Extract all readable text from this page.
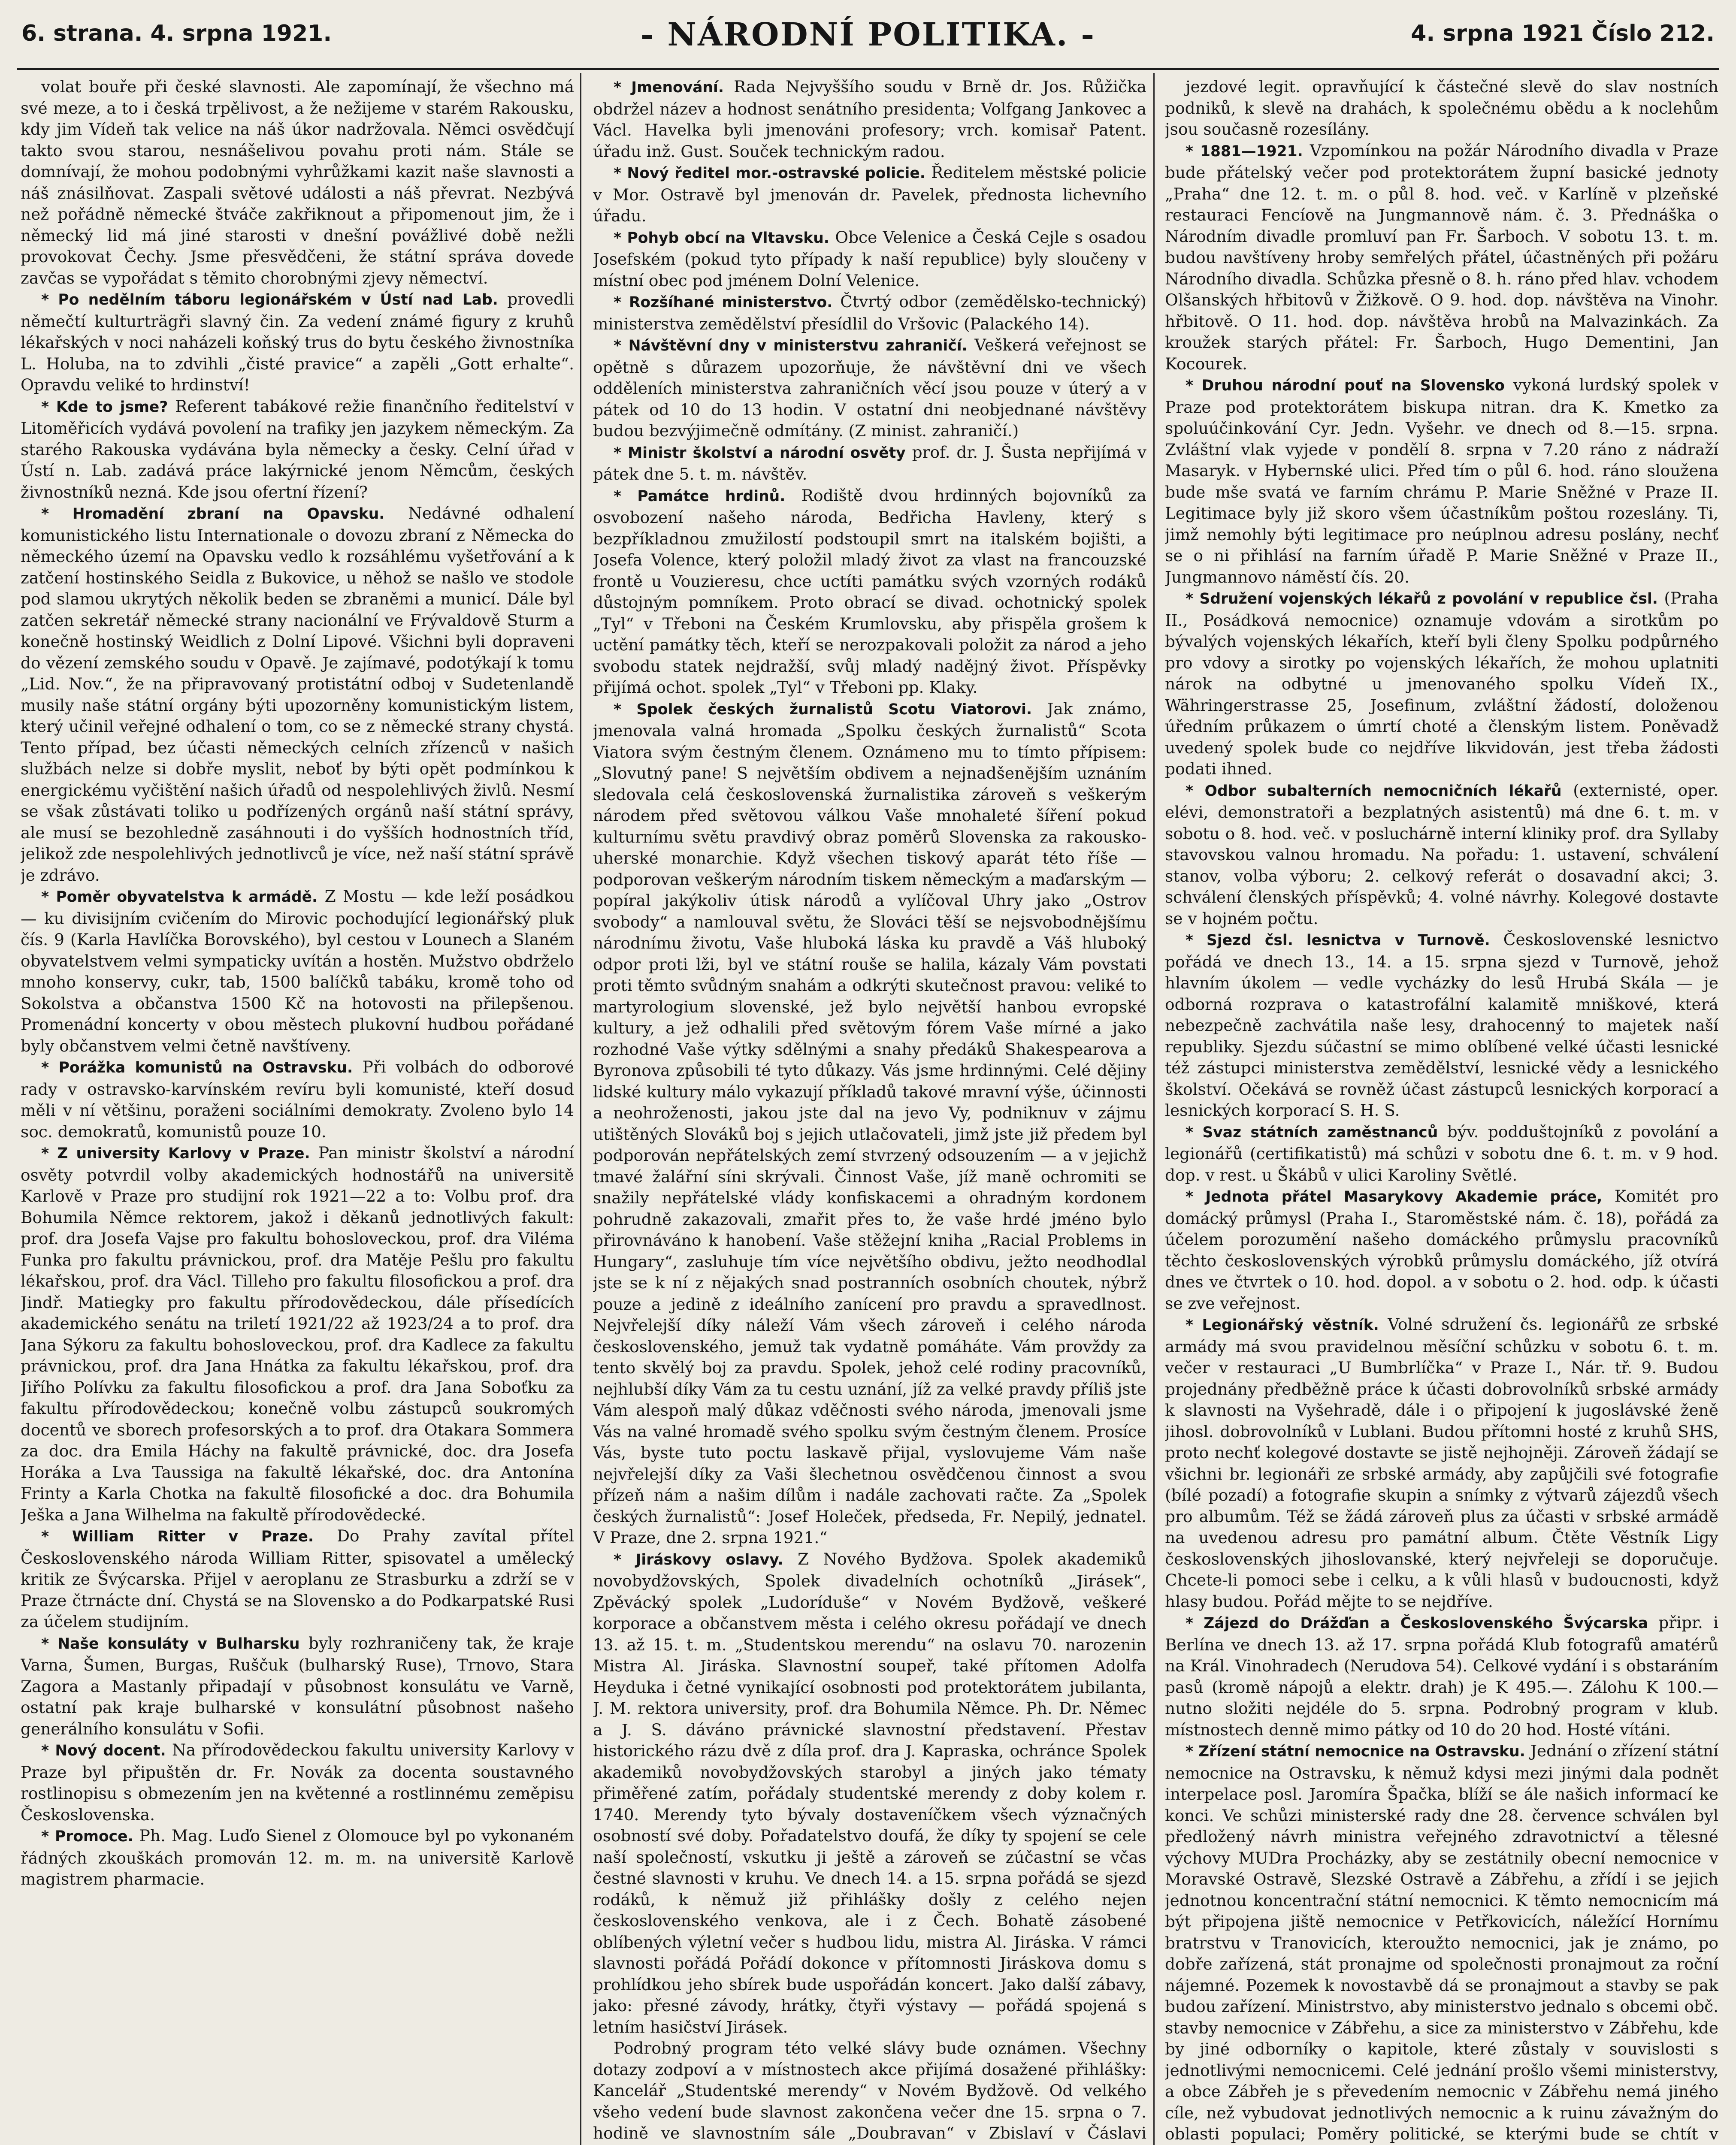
6. strana. 4. srpna 1921.	- NÁRODNÍ POLITIKA. -	4. srpna 1921 Číslo 212.

volat bouře při české slavnosti. Ale zapomínají, že všechno má své meze, a to i česká trpělivost, a že nežijeme v starém Rakousku, kdy jim Vídeň tak velice na náš úkor nadržovala. Němci osvědčují takto svou starou, nesnášelivou povahu proti nám. Stále se domnívají, že mohou podobnými vyhrůžkami kazit naše slavnosti a náš znásilňovat. Zaspali světové události a náš převrat. Nezbývá než pořádně německé štváče zakřiknout a připomenout jim, že i německý lid má jiné starosti v dnešní povážlivé době nežli provokovat Čechy. Jsme přesvědčeni, že státní správa dovede zavčas se vypořádat s těmito chorobnými zjevy němectví.

* Po nedělním táboru legionářském v Ústí nad Lab. provedli němečtí kulturträgři slavný čin. Za vedení známé figury z kruhů lékařských v noci naházeli koňský trus do bytu českého živnostníka L. Holuba, na to zdvihli „čisté pravice“ a zapěli „Gott erhalte“. Opravdu veliké to hrdinství!

* Kde to jsme? Referent tabákové režie finančního ředitelství v Litoměřicích vydává povolení na trafiky jen jazykem německým. Za starého Rakouska vydávána byla německy a česky. Celní úřad v Ústí n. Lab. zadává práce lakýrnické jenom Němcům, českých živnostníků nezná. Kde jsou ofertní řízení?

* Hromadění zbraní na Opavsku. Nedávné odhalení komunistického listu Internationale o dovozu zbraní z Německa do německého území na Opavsku vedlo k rozsáhlému vyšetřování a k zatčení hostinského Seidla z Bukovice, u něhož se našlo ve stodole pod slamou ukrytých několik beden se zbraněmi a municí. Dále byl zatčen sekretář německé strany nacionální ve Frývaldově Sturm a konečně hostinský Weidlich z Dolní Lipové. Všichni byli dopraveni do vězení zemského soudu v Opavě. Je zajímavé, podotýkají k tomu „Lid. Nov.“, že na připravovaný protistátní odboj v Sudetenlandě musily naše státní orgány býti upozorněny komunistickým listem, který učinil veřejné odhalení o tom, co se z německé strany chystá. Tento případ, bez účasti německých celních zřízenců v našich službách nelze si dobře myslit, neboť by býti opět podmínkou k energickému vyčištění našich úřadů od nespolehlivých živlů. Nesmí se však zůstávati toliko u podřízených orgánů naší státní správy, ale musí se bezohledně zasáhnouti i do vyšších hodnostních tříd, jelikož zde nespolehlivých jednotlivců je více, než naší státní správě je zdrávo.

* Poměr obyvatelstva k armádě. Z Mostu — kde leží posádkou — ku divisijním cvičením do Mirovic pochodující legionářský pluk čís. 9 (Karla Havlíčka Borovského), byl cestou v Lounech a Slaném obyvatelstvem velmi sympaticky uvítán a hostěn. Mužstvo obdrželo mnoho konservy, cukr, tab, 1500 balíčků tabáku, kromě toho od Sokolstva a občanstva 1500 Kč na hotovosti na přilepšenou. Promenádní koncerty v obou městech plukovní hudbou pořádané byly občanstvem velmi četně navštíveny.

* Porážka komunistů na Ostravsku. Při volbách do odborové rady v ostravsko-karvínském revíru byli komunisté, kteří dosud měli v ní většinu, poraženi sociálními demokraty. Zvoleno bylo 14 soc. demokratů, komunistů pouze 10.

* Z university Karlovy v Praze. Pan ministr školství a národní osvěty potvrdil volby akademických hodnostářů na universitě Karlově v Praze pro studijní rok 1921—22 a to: Volbu prof. dra Bohumila Němce rektorem, jakož i děkanů jednotlivých fakult: prof. dra Josefa Vajse pro fakultu bohosloveckou, prof. dra Viléma Funka pro fakultu právnickou, prof. dra Matěje Pešlu pro fakultu lékařskou, prof. dra Václ. Tilleho pro fakultu filosofickou a prof. dra Jindř. Matiegky pro fakultu přírodovědeckou, dále přísedících akademického senátu na triletí 1921/22 až 1923/24 a to prof. dra Jana Sýkoru za fakultu bohosloveckou, prof. dra Kadlece za fakultu právnickou, prof. dra Jana Hnátka za fakultu lékařskou, prof. dra Jiřího Polívku za fakultu filosofickou a prof. dra Jana Soboťku za fakultu přírodovědeckou; konečně volbu zástupců soukromých docentů ve sborech profesorských a to prof. dra Otakara Sommera za doc. dra Emila Háchy na fakultě právnické, doc. dra Josefa Horáka a Lva Taussiga na fakultě lékařské, doc. dra Antonína Frinty a Karla Chotka na fakultě filosofické a doc. dra Bohumila Ješka a Jana Wilhelma na fakultě přírodovědecké.

* William Ritter v Praze. Do Prahy zavítal přítel Československého národa William Ritter, spisovatel a umělecký kritik ze Švýcarska. Přijel v aeroplanu ze Strasburku a zdrží se v Praze čtrnácte dní. Chystá se na Slovensko a do Podkarpatské Rusi za účelem studijním.

* Naše konsuláty v Bulharsku byly rozhraničeny tak, že kraje Varna, Šumen, Burgas, Ruščuk (bulharský Ruse), Trnovo, Stara Zagora a Mastanly připadají v působnost konsulátu ve Varně, ostatní pak kraje bulharské v konsulátní působnost našeho generálního konsulátu v Sofii.

* Nový docent. Na přírodovědeckou fakultu university Karlovy v Praze byl připuštěn dr. Fr. Novák za docenta soustavného rostlinopisu s obmezením jen na květenné a rostlinnému zeměpisu Československa.

* Promoce. Ph. Mag. Luďo Sienel z Olomouce byl po vykonaném řádných zkouškách promován 12. m. m. na universitě Karlově magistrem pharmacie.

* Jmenování. Rada Nejvyššího soudu v Brně dr. Jos. Růžička obdržel název a hodnost senátního presidenta; Volfgang Jankovec a Václ. Havelka byli jmenováni profesory; vrch. komisař Patent. úřadu inž. Gust. Souček technickým radou.

* Nový ředitel mor.-ostravské policie. Ředitelem městské policie v Mor. Ostravě byl jmenován dr. Pavelek, přednosta lichevního úřadu.

* Pohyb obcí na Vltavsku. Obce Velenice a Česká Cejle s osadou Josefském (pokud tyto případy k naší republice) byly sloučeny v místní obec pod jménem Dolní Velenice.

* Rozšíhané ministerstvo. Čtvrtý odbor (zemědělsko-technický) ministerstva zemědělství přesídlil do Vršovic (Palackého 14).

* Návštěvní dny v ministerstvu zahraničí. Veškerá veřejnost se opětně s důrazem upozorňuje, že návštěvní dni ve všech odděleních ministerstva zahraničních věcí jsou pouze v úterý a v pátek od 10 do 13 hodin. V ostatní dni neobjednané návštěvy budou bezvýjimečně odmítány. (Z minist. zahraničí.)

* Ministr školství a národní osvěty prof. dr. J. Šusta nepřijímá v pátek dne 5. t. m. návštěv.

* Památce hrdinů. Rodiště dvou hrdinných bojovníků za osvobození našeho národa, Bedřicha Havleny, který s bezpříkladnou zmužilostí podstoupil smrt na italském bojišti, a Josefa Volence, který položil mladý život za vlast na francouzské frontě u Vouzieresu, chce uctíti památku svých vzorných rodáků důstojným pomníkem. Proto obrací se divad. ochotnický spolek „Tyl“ v Třeboni na Českém Krumlovsku, aby přispěla grošem k uctění památky těch, kteří se nerozpakovali položit za národ a jeho svobodu statek nejdražší, svůj mladý nadějný život. Příspěvky přijímá ochot. spolek „Tyl“ v Třeboni pp. Klaky.

* Spolek českých žurnalistů Scotu Viatorovi. Jak známo, jmenovala valná hromada „Spolku českých žurnalistů“ Scota Viatora svým čestným členem. Oznámeno mu to tímto přípisem: „Slovutný pane! S největším obdivem a nejnadšenějším uznáním sledovala celá československá žurnalistika zároveň s veškerým národem před světovou válkou Vaše mnohaleté šíření pokud kulturnímu světu pravdivý obraz poměrů Slovenska za rakousko-uherské monarchie. Když všechen tiskový aparát této říše — podporovan veškerým národním tiskem německým a maďarským — popíral jakýkoliv útisk národů a vylíčoval Uhry jako „Ostrov svobody“ a namlouval světu, že Slováci těší se nejsvobodnějšímu národnímu životu, Vaše hluboká láska ku pravdě a Váš hluboký odpor proti lži, byl ve státní rouše se halila, kázaly Vám povstati proti těmto svůdným snahám a odkrýti skutečnost pravou: veliké to martyrologium slovenské, jež bylo největší hanbou evropské kultury, a jež odhalili před světovým fórem Vaše mírné a jako rozhodné Vaše výtky sdělnými a snahy předáků Shakespearova a Byronova způsobili té tyto důkazy. Vás jsme hrdinnými. Celé dějiny lidské kultury málo vykazují příkladů takové mravní výše, účinnosti a neohroženosti, jakou jste dal na jevo Vy, podniknuv v zájmu utištěných Slováků boj s jejich utlačovateli, jimž jste již předem byl podporován nepřátelských zemí stvrzený odsouzením — a v jejichž tmavé žalářní síni skrývali. Činnost Vaše, jíž maně ochromiti se snažily nepřátelské vlády konfiskacemi a ohradným kordonem pohrudně zakazovali, zmařit přes to, že vaše hrdé jméno bylo přirovnáváno k hanobení. Vaše stěžejní kniha „Racial Problems in Hungary“, zasluhuje tím více největšího obdivu, ježto neodhodlal jste se k ní z nějakých snad postranních osobních choutek, nýbrž pouze a jedině z ideálního zanícení pro pravdu a spravedlnost. Nejvřelejší díky náleží Vám všech zároveň i celého národa československého, jemuž tak vydatně pomáháte. Vám provždy za tento skvělý boj za pravdu. Spolek, jehož celé rodiny pracovníků, nejhlubší díky Vám za tu cestu uznání, jíž za velké pravdy příliš jste Vám alespoň malý důkaz vděčnosti svého národa, jmenovali jsme Vás na valné hromadě svého spolku svým čestným členem. Prosíce Vás, byste tuto poctu laskavě přijal, vyslovujeme Vám naše nejvřelejší díky za Vaši šlechetnou osvědčenou činnost a svou přízeň nám a našim dílům i nadále zachovati račte. Za „Spolek českých žurnalistů“: Josef Holeček, předseda, Fr. Nepilý, jednatel. V Praze, dne 2. srpna 1921.“

* Jiráskovy oslavy. Z Nového Bydžova. Spolek akademiků novobydžovských, Spolek divadelních ochotníků „Jirásek“, Zpěvácký spolek „Ludoríduše“ v Novém Bydžově, veškeré korporace a občanstvem města i celého okresu pořádají ve dnech 13. až 15. t. m. „Studentskou merendu“ na oslavu 70. narozenin Mistra Al. Jiráska. Slavnostní soupeř, také přítomen Adolfa Heyduka i četné vynikající osobnosti pod protektorátem jubilanta, J. M. rektora university, prof. dra Bohumila Němce. Ph. Dr. Němec a J. S. dáváno právnické slavnostní představení. Přestav historického rázu dvě z díla prof. dra J. Kapraska, ochránce Spolek akademiků novobydžovských starobyl a jiných jako tématy přiměřené zatím, pořádaly studentské merendy z doby kolem r. 1740. Merendy tyto bývaly dostaveníčkem všech význačných osobností své doby. Pořadatelstvo doufá, že díky ty spojení se cele naší společností, vskutku ji ještě a zároveň se zúčastní se včas čestné slavnosti v kruhu. Ve dnech 14. a 15. srpna pořádá se sjezd rodáků, k němuž již přihlášky došly z celého nejen československého venkova, ale i z Čech. Bohatě zásobené oblíbených výletní večer s hudbou lidu, mistra Al. Jiráska. V rámci slavnosti pořádá Pořádí dokonce v přítomnosti Jiráskova domu s prohlídkou jeho sbírek bude uspořádán koncert. Jako další zábavy, jako: přesné závody, hrátky, čtyři výstavy — pořádá spojená s letním hasičství Jirásek.

Podrobný program této velké slávy bude oznámen. Všechny dotazy zodpoví a v místnostech akce přijímá dosažené přihlášky: Kancelář „Studentské merendy“ v Novém Bydžově. Od velkého všeho vedení bude slavnost zakončena večer dne 15. srpna o 7. hodině ve slavnostním sále „Doubravan“ v Zbislaví v Čáslavi

jezdové legit. opravňující k částečné slevě do slav nostních podniků, k slevě na drahách, k společnému obědu a k noclehům jsou současně rozesílány.

* 1881—1921. Vzpomínkou na požár Národního divadla v Praze bude přátelský večer pod protektorátem župní basické jednoty „Praha“ dne 12. t. m. o půl 8. hod. več. v Karlíně v plzeňské restauraci Fencíově na Jungmannově nám. č. 3. Přednáška o Národním divadle promluví pan Fr. Šarboch. V sobotu 13. t. m. budou navštíveny hroby semřelých přátel, účastněných při požáru Národního divadla. Schůzka přesně o 8. h. ráno před hlav. vchodem Olšanských hřbitovů v Žižkově. O 9. hod. dop. návštěva na Vinohr. hřbitově. O 11. hod. dop. návštěva hrobů na Malvazinkách. Za kroužek starých přátel: Fr. Šarboch, Hugo Dementini, Jan Kocourek.

* Druhou národní pouť na Slovensko vykoná lurdský spolek v Praze pod protektorátem biskupa nitran. dra K. Kmetko za spoluúčinkování Cyr. Jedn. Vyšehr. ve dnech od 8.—15. srpna. Zvláštní vlak vyjede v pondělí 8. srpna v 7.20 ráno z nádraží Masaryk. v Hybernské ulici. Před tím o půl 6. hod. ráno sloužena bude mše svatá ve farním chrámu P. Marie Sněžné v Praze II. Legitimace byly již skoro všem účastníkům poštou rozeslány. Ti, jimž nemohly býti legitimace pro neúplnou adresu poslány, nechť se o ni přihlásí na farním úřadě P. Marie Sněžné v Praze II., Jungmannovo náměstí čís. 20.

* Sdružení vojenských lékařů z povolání v republice čsl. (Praha II., Posádková nemocnice) oznamuje vdovám a sirotkům po bývalých vojenských lékařích, kteří byli členy Spolku podpůrného pro vdovy a sirotky po vojenských lékařích, že mohou uplatniti nárok na odbytné u jmenovaného spolku Vídeň IX., Währingerstrasse 25, Josefinum, zvláštní žádostí, doloženou úředním průkazem o úmrtí choté a členským listem. Poněvadž uvedený spolek bude co nejdříve likvidován, jest třeba žádosti podati ihned.

* Odbor subalterních nemocničních lékařů (externisté, oper. elévi, demonstratoři a bezplatných asistentů) má dne 6. t. m. v sobotu o 8. hod. več. v posluchárně interní kliniky prof. dra Syllaby stavovskou valnou hromadu. Na pořadu: 1. ustavení, schválení stanov, volba výboru; 2. celkový referát o dosavadní akci; 3. schválení členských příspěvků; 4. volné návrhy. Kolegové dostavte se v hojném počtu.

* Sjezd čsl. lesnictva v Turnově. Československé lesnictvo pořádá ve dnech 13., 14. a 15. srpna sjezd v Turnově, jehož hlavním úkolem — vedle vycházky do lesů Hrubá Skála — je odborná rozprava o katastrofální kalamitě mniškové, která nebezpečně zachvátila naše lesy, drahocenný to majetek naší republiky. Sjezdu súčastní se mimo oblíbené velké účasti lesnické též zástupci ministerstva zemědělství, lesnické vědy a lesnického školství. Očekává se rovněž účast zástupců lesnických korporací a lesnických korporací S. H. S.

* Svaz státních zaměstnanců býv. podduštojníků z povolání a legionářů (certifikatistů) má schůzi v sobotu dne 6. t. m. v 9 hod. dop. v rest. u Škábů v ulici Karoliny Světlé.

* Jednota přátel Masarykovy Akademie práce, Komitét pro domácký průmysl (Praha I., Staroměstské nám. č. 18), pořádá za účelem porozumění našeho domáckého průmyslu pracovníků těchto československých výrobků průmyslu domáckého, jíž otvírá dnes ve čtvrtek o 10. hod. dopol. a v sobotu o 2. hod. odp. k účasti se zve veřejnost.

* Legionářský věstník. Volné sdružení čs. legionářů ze srbské armády má svou pravidelnou měsíční schůzku v sobotu 6. t. m. večer v restauraci „U Bumbrlíčka“ v Praze I., Nár. tř. 9. Budou projednány předběžně práce k účasti dobrovolníků srbské armády k slavnosti na Vyšehradě, dále i o připojení k jugoslávské ženě jihosl. dobrovolníků v Lublani. Budou přítomni hosté z kruhů SHS, proto nechť kolegové dostavte se jistě nejhojněji. Zároveň žádají se všichni br. legionáři ze srbské armády, aby zapůjčili své fotografie (bílé pozadí) a fotografie skupin a snímky z výtvarů zájezdů všech pro albumům. Též se žádá zároveň plus za účasti v srbské armádě na uvedenou adresu pro památní album. Čtěte Věstník Ligy československých jihoslovanské, který nejvřeleji se doporučuje. Chcete-li pomoci sebe i celku, a k vůli hlasů v budoucnosti, když hlasy budou. Pořád mějte to se nejdříve.

* Zájezd do Drážďan a Československého Švýcarska připr. i Berlína ve dnech 13. až 17. srpna pořádá Klub fotografů amatérů na Král. Vinohradech (Nerudova 54). Celkové vydání i s obstaráním pasů (kromě nápojů a elektr. drah) je K 495.—. Zálohu K 100.— nutno složiti nejdéle do 5. srpna. Podrobný program v klub. místnostech denně mimo pátky od 10 do 20 hod. Hosté vítáni.

* Zřízení státní nemocnice na Ostravsku. Jednání o zřízení státní nemocnice na Ostravsku, k němuž kdysi mezi jinými dala podnět interpelace posl. Jaromíra Špačka, blíží se ále našich informací ke konci. Ve schůzi ministerské rady dne 28. července schválen byl předložený návrh ministra veřejného zdravotnictví a tělesné výchovy MUDra Procházky, aby se zestátnily obecní nemocnice v Moravské Ostravě, Slezské Ostravě a Zábřehu, a zřídí i se jejich jednotnou koncentrační státní nemocnici. K těmto nemocnicím má být připojena jiště nemocnice v Petřkovicích, náležící Hornímu bratrstvu v Tranovicích, kteroužto nemocnici, jak je známo, po dobře zařízená, stát pronajme od společnosti pronajmout za roční nájemné. Pozemek k novostavbě dá se pronajmout a stavby se pak budou zařízení. Ministrstvo, aby ministerstvo jednalo s obcemi obč. stavby nemocnice v Zábřehu, a sice za ministerstvo v Zábřehu, kde by jiné odborníky o kapitole, které zůstaly v souvislosti s jednotlivými nemocnicemi. Celé jednání prošlo všemi ministerstvy, a obce Zábřeh je s převedením nemocnic v Zábřehu nemá jiného cíle, než vybudovat jednotlivých nemocnic a k ruinu závažným do oblasti populaci; Poměry politické, se kterými bude se chtít v
